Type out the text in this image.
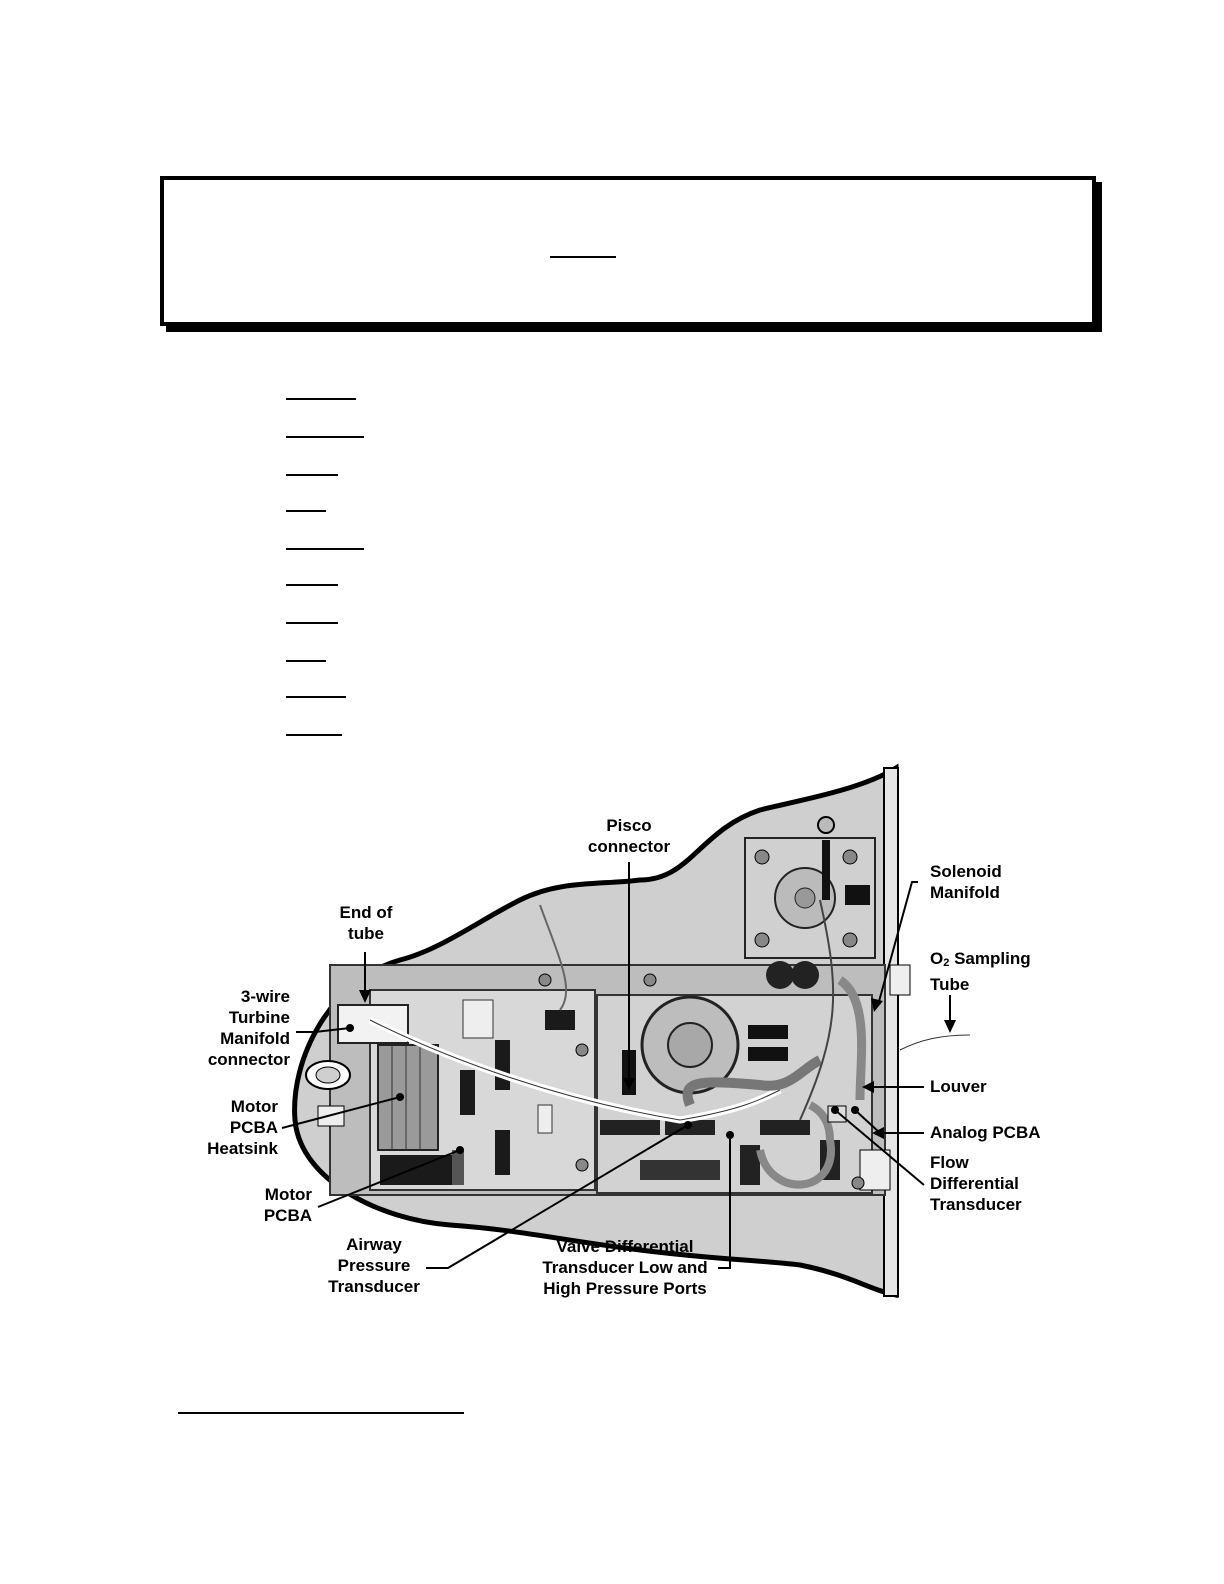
Pisco
connector
Solenoid
Manifold
O2 Sampling
Tube
End of
tube
3-wire
Turbine
Manifold
connector
Louver
Motor
PCBA
Heatsink
Analog PCBA
Flow
Differential
Transducer
Motor
PCBA
Airway
Pressure
Transducer
Valve Differential
Transducer Low and
High Pressure Ports
